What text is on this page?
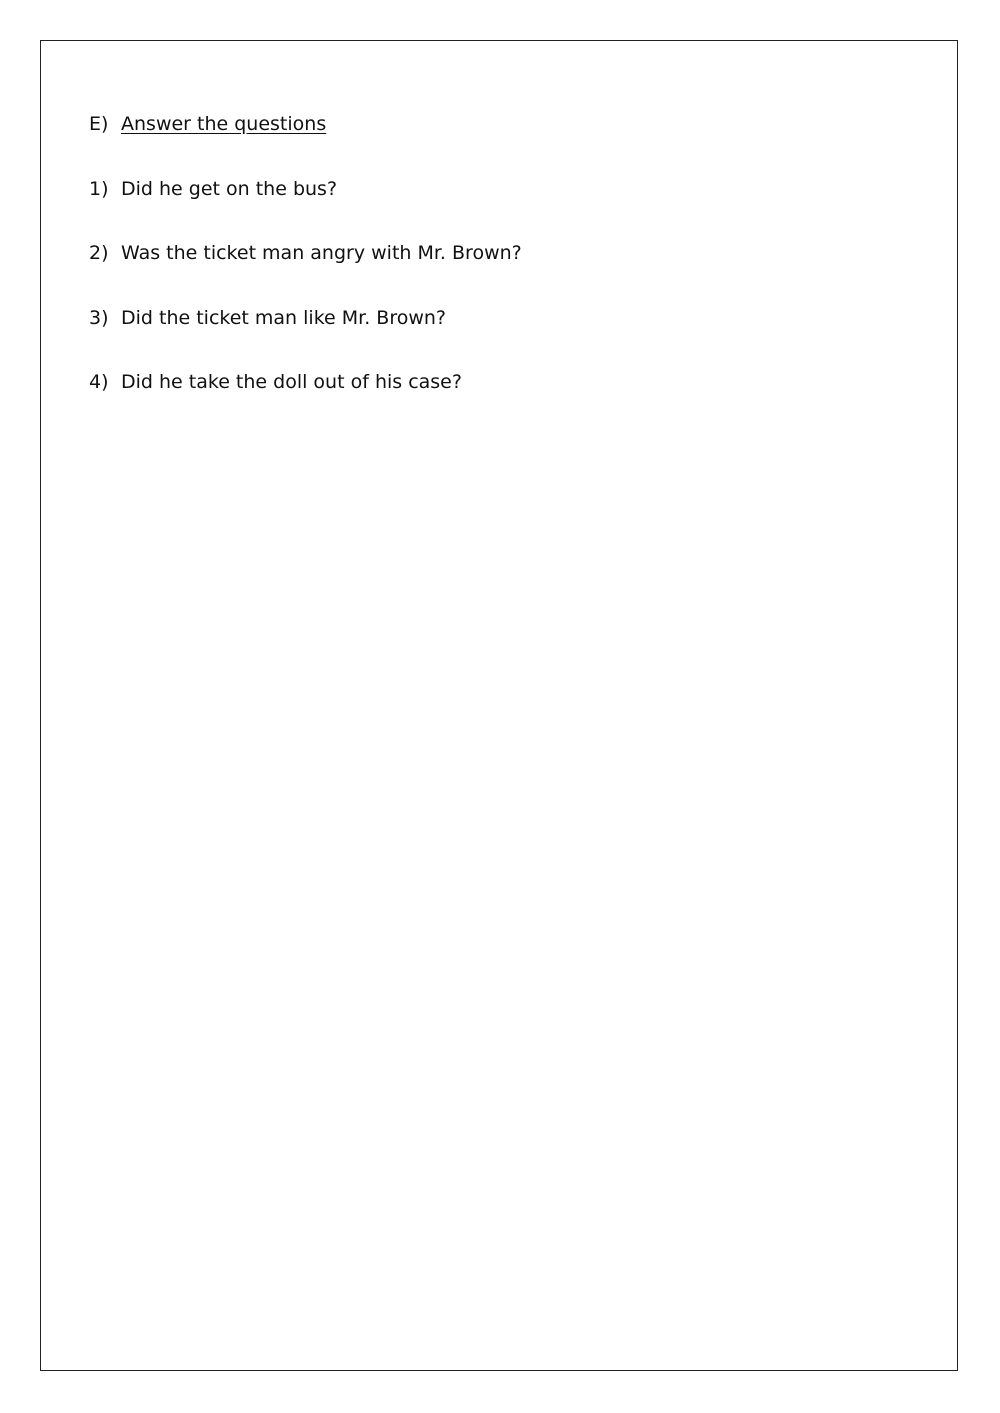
E) Answer the questions
1) Did he get on the bus?
2) Was the ticket man angry with Mr. Brown?
3) Did the ticket man like Mr. Brown?
4) Did he take the doll out of his case?
